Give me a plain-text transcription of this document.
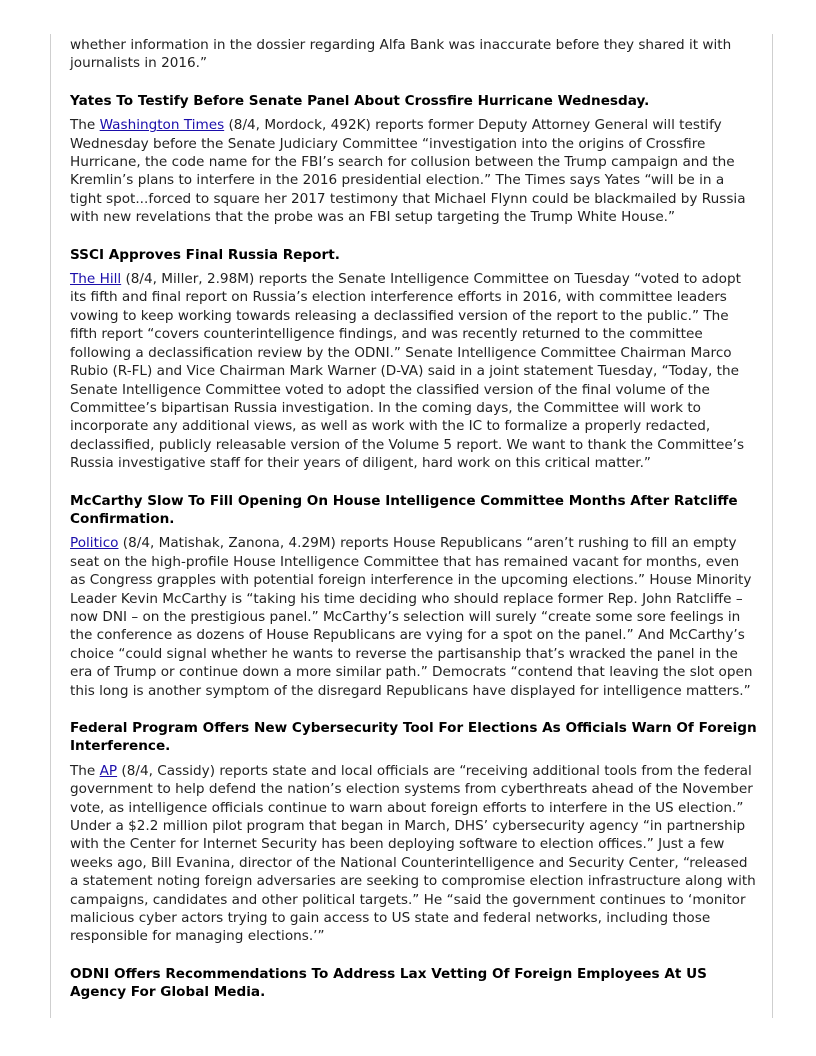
whether information in the dossier regarding Alfa Bank was inaccurate before they shared it with journalists in 2016.”

Yates To Testify Before Senate Panel About Crossfire Hurricane Wednesday.

The Washington Times (8/4, Mordock, 492K) reports former Deputy Attorney General will testify Wednesday before the Senate Judiciary Committee “investigation into the origins of Crossfire Hurricane, the code name for the FBI’s search for collusion between the Trump campaign and the Kremlin’s plans to interfere in the 2016 presidential election.” The Times says Yates “will be in a tight spot...forced to square her 2017 testimony that Michael Flynn could be blackmailed by Russia with new revelations that the probe was an FBI setup targeting the Trump White House.”

SSCI Approves Final Russia Report.

The Hill (8/4, Miller, 2.98M) reports the Senate Intelligence Committee on Tuesday “voted to adopt its fifth and final report on Russia’s election interference efforts in 2016, with committee leaders vowing to keep working towards releasing a declassified version of the report to the public.” The fifth report “covers counterintelligence findings, and was recently returned to the committee following a declassification review by the ODNI.” Senate Intelligence Committee Chairman Marco Rubio (R-FL) and Vice Chairman Mark Warner (D-VA) said in a joint statement Tuesday, “Today, the Senate Intelligence Committee voted to adopt the classified version of the final volume of the Committee’s bipartisan Russia investigation. In the coming days, the Committee will work to incorporate any additional views, as well as work with the IC to formalize a properly redacted, declassified, publicly releasable version of the Volume 5 report. We want to thank the Committee’s Russia investigative staff for their years of diligent, hard work on this critical matter.”

McCarthy Slow To Fill Opening On House Intelligence Committee Months After Ratcliffe Confirmation.

Politico (8/4, Matishak, Zanona, 4.29M) reports House Republicans “aren’t rushing to fill an empty seat on the high-profile House Intelligence Committee that has remained vacant for months, even as Congress grapples with potential foreign interference in the upcoming elections.” House Minority Leader Kevin McCarthy is “taking his time deciding who should replace former Rep. John Ratcliffe – now DNI – on the prestigious panel.” McCarthy’s selection will surely “create some sore feelings in the conference as dozens of House Republicans are vying for a spot on the panel.” And McCarthy’s choice “could signal whether he wants to reverse the partisanship that’s wracked the panel in the era of Trump or continue down a more similar path.” Democrats “contend that leaving the slot open this long is another symptom of the disregard Republicans have displayed for intelligence matters.”

Federal Program Offers New Cybersecurity Tool For Elections As Officials Warn Of Foreign Interference.

The AP (8/4, Cassidy) reports state and local officials are “receiving additional tools from the federal government to help defend the nation’s election systems from cyberthreats ahead of the November vote, as intelligence officials continue to warn about foreign efforts to interfere in the US election.” Under a $2.2 million pilot program that began in March, DHS’ cybersecurity agency “in partnership with the Center for Internet Security has been deploying software to election offices.” Just a few weeks ago, Bill Evanina, director of the National Counterintelligence and Security Center, “released a statement noting foreign adversaries are seeking to compromise election infrastructure along with campaigns, candidates and other political targets.” He “said the government continues to ‘monitor malicious cyber actors trying to gain access to US state and federal networks, including those responsible for managing elections.’”

ODNI Offers Recommendations To Address Lax Vetting Of Foreign Employees At US Agency For Global Media.
